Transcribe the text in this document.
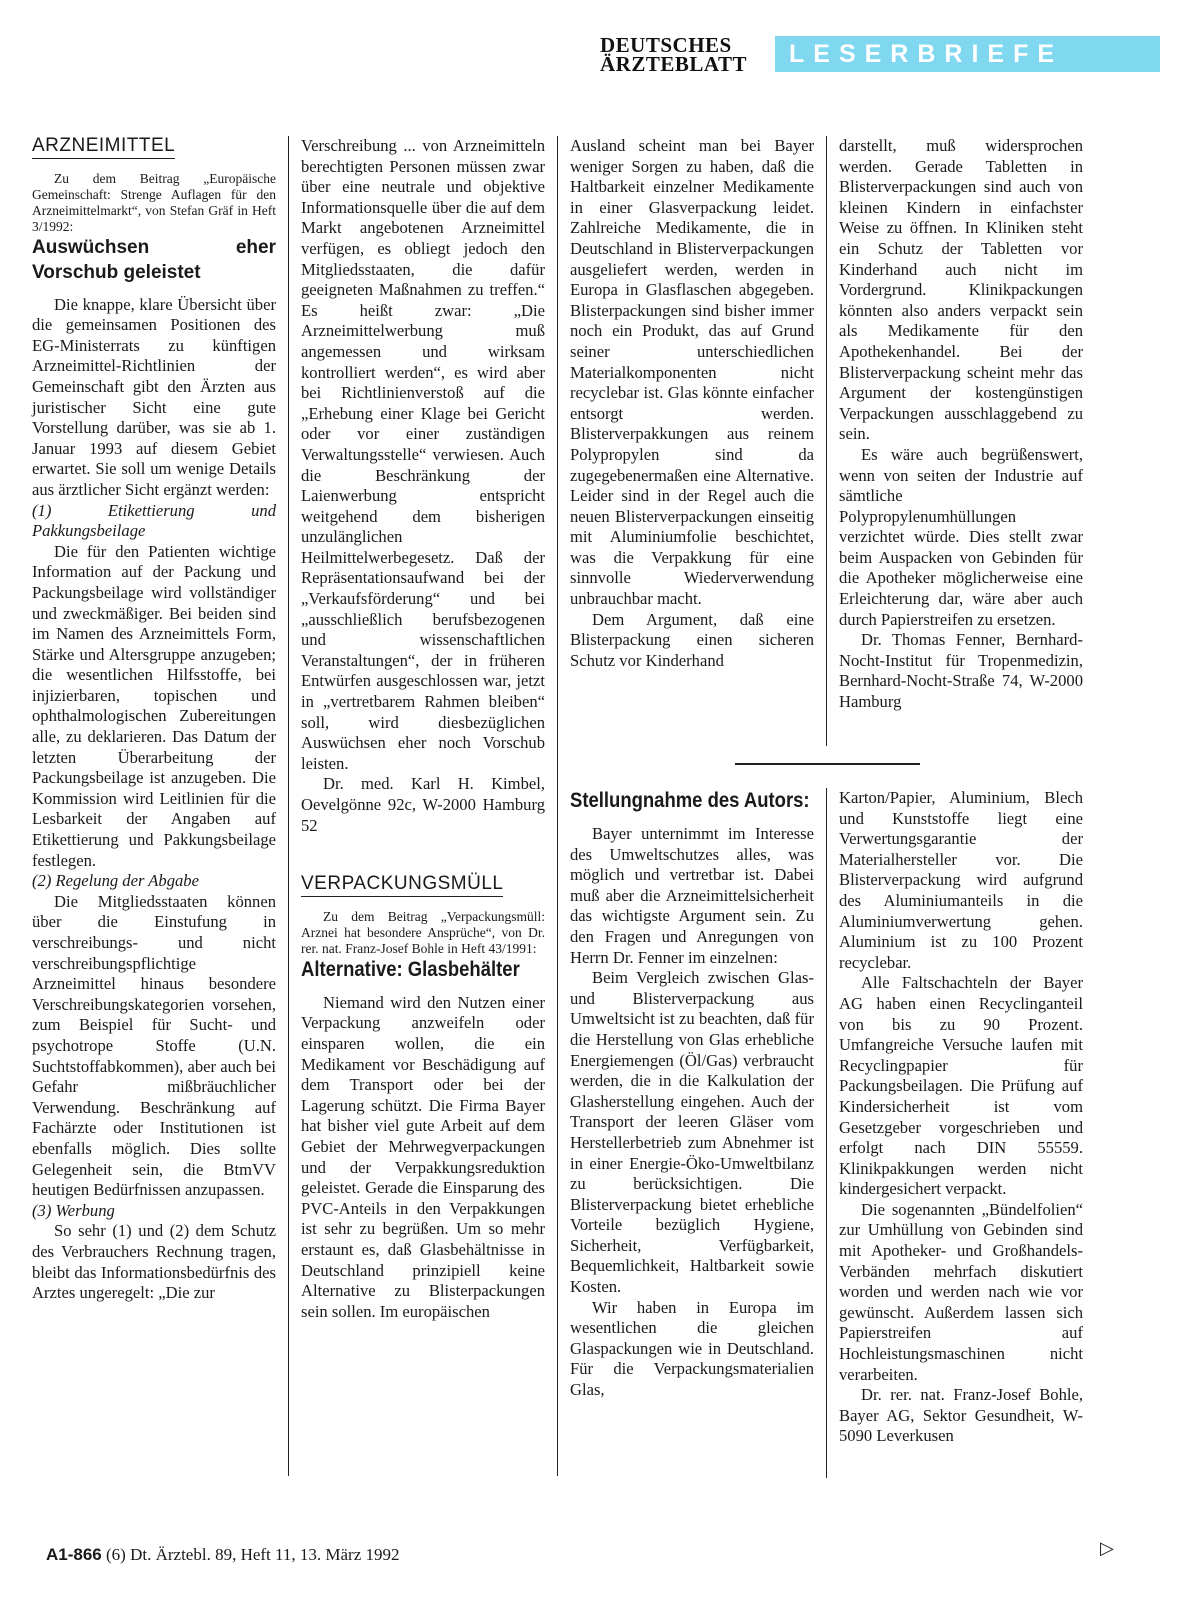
DEUTSCHES
ÄRZTEBLATT	LESERBRIEFE
ARZNEIMITTEL

Zu dem Beitrag „Europäische Gemeinschaft: Strenge Auflagen für den Arzneimittelmarkt“, von Stefan Gräf in Heft 3/1992:

Auswüchsen eher Vorschub geleistet

Die knappe, klare Übersicht über die gemeinsamen Positionen des EG-Ministerrats zu künftigen Arzneimittel-Richtlinien der Gemeinschaft gibt den Ärzten aus juristischer Sicht eine gute Vorstellung darüber, was sie ab 1. Januar 1993 auf diesem Gebiet erwartet. Sie soll um wenige Details aus ärztlicher Sicht ergänzt werden:

(1) Etikettierung und Pakkungsbeilage

Die für den Patienten wichtige Information auf der Packung und Packungsbeilage wird vollständiger und zweckmäßiger. Bei beiden sind im Namen des Arzneimittels Form, Stärke und Altersgruppe anzugeben; die wesentlichen Hilfsstoffe, bei injizierbaren, topischen und ophthalmologischen Zubereitungen alle, zu deklarieren. Das Datum der letzten Überarbeitung der Packungsbeilage ist anzugeben. Die Kommission wird Leitlinien für die Lesbarkeit der Angaben auf Etikettierung und Pakkungsbeilage festlegen.

(2) Regelung der Abgabe

Die Mitgliedsstaaten können über die Einstufung in verschreibungs- und nicht verschreibungspflichtige Arzneimittel hinaus besondere Verschreibungskategorien vorsehen, zum Beispiel für Sucht- und psychotrope Stoffe (U.N. Suchtstoffabkommen), aber auch bei Gefahr mißbräuchlicher Verwendung. Beschränkung auf Fachärzte oder Institutionen ist ebenfalls möglich. Dies sollte Gelegenheit sein, die BtmVV heutigen Bedürfnissen anzupassen.

(3) Werbung

So sehr (1) und (2) dem Schutz des Verbrauchers Rechnung tragen, bleibt das Informationsbedürfnis des Arztes ungeregelt: „Die zur

Verschreibung ... von Arzneimitteln berechtigten Personen müssen zwar über eine neutrale und objektive Informationsquelle über die auf dem Markt angebotenen Arzneimittel verfügen, es obliegt jedoch den Mitgliedsstaaten, die dafür geeigneten Maßnahmen zu treffen.“ Es heißt zwar: „Die Arzneimittelwerbung muß angemessen und wirksam kontrolliert werden“, es wird aber bei Richtlinienverstoß auf die „Erhebung einer Klage bei Gericht oder vor einer zuständigen Verwaltungsstelle“ verwiesen. Auch die Beschränkung der Laienwerbung entspricht weitgehend dem bisherigen unzulänglichen Heilmittelwerbegesetz. Daß der Repräsentationsaufwand bei der „Verkaufsförderung“ und bei „ausschließlich berufsbezogenen und wissenschaftlichen Veranstaltungen“, der in früheren Entwürfen ausgeschlossen war, jetzt in „vertretbarem Rahmen bleiben“ soll, wird diesbezüglichen Auswüchsen eher noch Vorschub leisten.

Dr. med. Karl H. Kimbel, Oevelgönne 92c, W-2000 Hamburg 52

VERPACKUNGSMÜLL

Zu dem Beitrag „Verpackungsmüll: Arznei hat besondere Ansprüche“, von Dr. rer. nat. Franz-Josef Bohle in Heft 43/1991:

Alternative: Glasbehälter

Niemand wird den Nutzen einer Verpackung anzweifeln oder einsparen wollen, die ein Medikament vor Beschädigung auf dem Transport oder bei der Lagerung schützt. Die Firma Bayer hat bisher viel gute Arbeit auf dem Gebiet der Mehrwegverpackungen und der Verpakkungsreduktion geleistet. Gerade die Einsparung des PVC-Anteils in den Verpakkungen ist sehr zu begrüßen. Um so mehr erstaunt es, daß Glasbehältnisse in Deutschland prinzipiell keine Alternative zu Blisterpackungen sein sollen. Im europäischen

Ausland scheint man bei Bayer weniger Sorgen zu haben, daß die Haltbarkeit einzelner Medikamente in einer Glasverpackung leidet. Zahlreiche Medikamente, die in Deutschland in Blisterverpackungen ausgeliefert werden, werden in Europa in Glasflaschen abgegeben. Blisterpackungen sind bisher immer noch ein Produkt, das auf Grund seiner unterschiedlichen Materialkomponenten nicht recyclebar ist. Glas könnte einfacher entsorgt werden. Blisterverpakkungen aus reinem Polypropylen sind da zugegebenermaßen eine Alternative. Leider sind in der Regel auch die neuen Blisterverpackungen einseitig mit Aluminiumfolie beschichtet, was die Verpakkung für eine sinnvolle Wiederverwendung unbrauchbar macht.

Dem Argument, daß eine Blisterpackung einen sicheren Schutz vor Kinderhand

darstellt, muß widersprochen werden. Gerade Tabletten in Blisterverpackungen sind auch von kleinen Kindern in einfachster Weise zu öffnen. In Kliniken steht ein Schutz der Tabletten vor Kinderhand auch nicht im Vordergrund. Klinikpackungen könnten also anders verpackt sein als Medikamente für den Apothekenhandel. Bei der Blisterverpackung scheint mehr das Argument der kostengünstigen Verpackungen ausschlaggebend zu sein.

Es wäre auch begrüßenswert, wenn von seiten der Industrie auf sämtliche Polypropylenumhüllungen verzichtet würde. Dies stellt zwar beim Auspacken von Gebinden für die Apotheker möglicherweise eine Erleichterung dar, wäre aber auch durch Papierstreifen zu ersetzen.

Dr. Thomas Fenner, Bernhard-Nocht-Institut für Tropenmedizin, Bernhard-Nocht-Straße 74, W-2000 Hamburg

Stellungnahme des Autors:

Bayer unternimmt im Interesse des Umweltschutzes alles, was möglich und vertretbar ist. Dabei muß aber die Arzneimittelsicherheit das wichtigste Argument sein. Zu den Fragen und Anregungen von Herrn Dr. Fenner im einzelnen:

Beim Vergleich zwischen Glas- und Blisterverpackung aus Umweltsicht ist zu beachten, daß für die Herstellung von Glas erhebliche Energiemengen (Öl/Gas) verbraucht werden, die in die Kalkulation der Glasherstellung eingehen. Auch der Transport der leeren Gläser vom Herstellerbetrieb zum Abnehmer ist in einer Energie-Öko-Umweltbilanz zu berücksichtigen. Die Blisterverpackung bietet erhebliche Vorteile bezüglich Hygiene, Sicherheit, Verfügbarkeit, Bequemlichkeit, Haltbarkeit sowie Kosten.

Wir haben in Europa im wesentlichen die gleichen Glaspackungen wie in Deutschland. Für die Verpackungsmaterialien Glas,

Karton/Papier, Aluminium, Blech und Kunststoffe liegt eine Verwertungsgarantie der Materialhersteller vor. Die Blisterverpackung wird aufgrund des Aluminiumanteils in die Aluminiumverwertung gehen. Aluminium ist zu 100 Prozent recyclebar.

Alle Faltschachteln der Bayer AG haben einen Recyclinganteil von bis zu 90 Prozent. Umfangreiche Versuche laufen mit Recyclingpapier für Packungsbeilagen. Die Prüfung auf Kindersicherheit ist vom Gesetzgeber vorgeschrieben und erfolgt nach DIN 55559. Klinikpakkungen werden nicht kindergesichert verpackt.

Die sogenannten „Bündelfolien“ zur Umhüllung von Gebinden sind mit Apotheker- und Großhandels-Verbänden mehrfach diskutiert worden und werden nach wie vor gewünscht. Außerdem lassen sich Papierstreifen auf Hochleistungsmaschinen nicht verarbeiten.

Dr. rer. nat. Franz-Josef Bohle, Bayer AG, Sektor Gesundheit, W-5090 Leverkusen

▷
A1-866 (6) Dt. Ärztebl. 89, Heft 11, 13. März 1992
